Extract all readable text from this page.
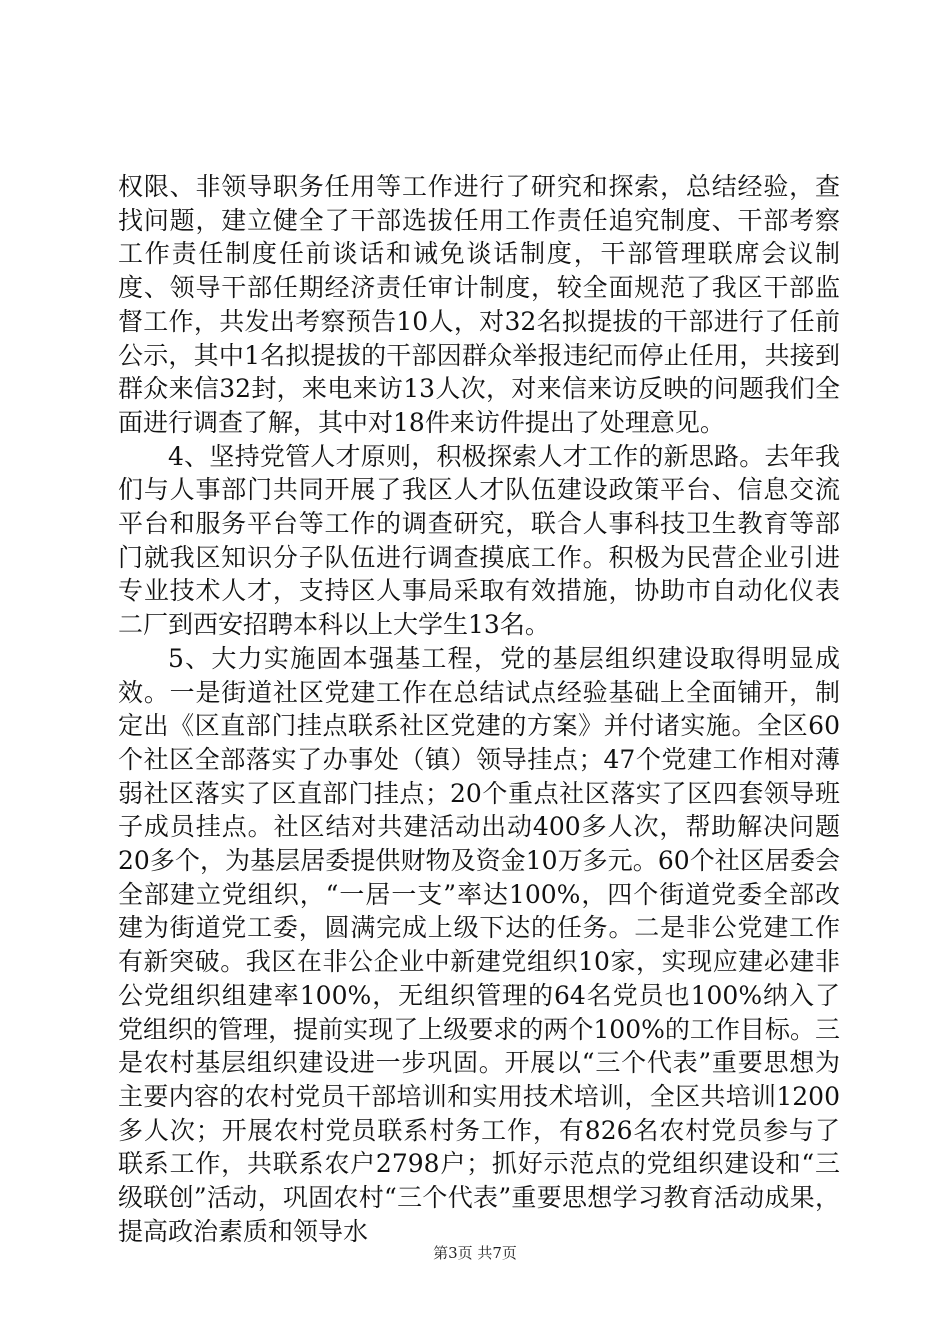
权限、非领导职务任用等工作进行了研究和探索，总结经验，查找问题，建立健全了干部选拔任用工作责任追究制度、干部考察工作责任制度任前谈话和诫免谈话制度，干部管理联席会议制度、领导干部任期经济责任审计制度，较全面规范了我区干部监督工作，共发出考察预告10人，对32名拟提拔的干部进行了任前公示，其中1名拟提拔的干部因群众举报违纪而停止任用，共接到群众来信32封，来电来访13人次，对来信来访反映的问题我们全面进行调查了解，其中对18件来访件提出了处理意见。

4、坚持党管人才原则，积极探索人才工作的新思路。去年我们与人事部门共同开展了我区人才队伍建设政策平台、信息交流平台和服务平台等工作的调查研究，联合人事科技卫生教育等部门就我区知识分子队伍进行调查摸底工作。积极为民营企业引进专业技术人才，支持区人事局采取有效措施，协助市自动化仪表二厂到西安招聘本科以上大学生13名。

5、大力实施固本强基工程，党的基层组织建设取得明显成效。一是街道社区党建工作在总结试点经验基础上全面铺开，制定出《区直部门挂点联系社区党建的方案》并付诸实施。全区60个社区全部落实了办事处（镇）领导挂点；47个党建工作相对薄弱社区落实了区直部门挂点；20个重点社区落实了区四套领导班子成员挂点。社区结对共建活动出动400多人次，帮助解决问题20多个，为基层居委提供财物及资金10万多元。60个社区居委会全部建立党组织，“一居一支”率达100%，四个街道党委全部改建为街道党工委，圆满完成上级下达的任务。二是非公党建工作有新突破。我区在非公企业中新建党组织10家，实现应建必建非公党组织组建率100%，无组织管理的64名党员也100%纳入了党组织的管理，提前实现了上级要求的两个100%的工作目标。三是农村基层组织建设进一步巩固。开展以“三个代表”重要思想为主要内容的农村党员干部培训和实用技术培训，全区共培训1200多人次；开展农村党员联系村务工作，有826名农村党员参与了联系工作，共联系农户2798户；抓好示范点的党组织建设和“三级联创”活动，巩固农村“三个代表”重要思想学习教育活动成果，提高政治素质和领导水

第3页 共7页
